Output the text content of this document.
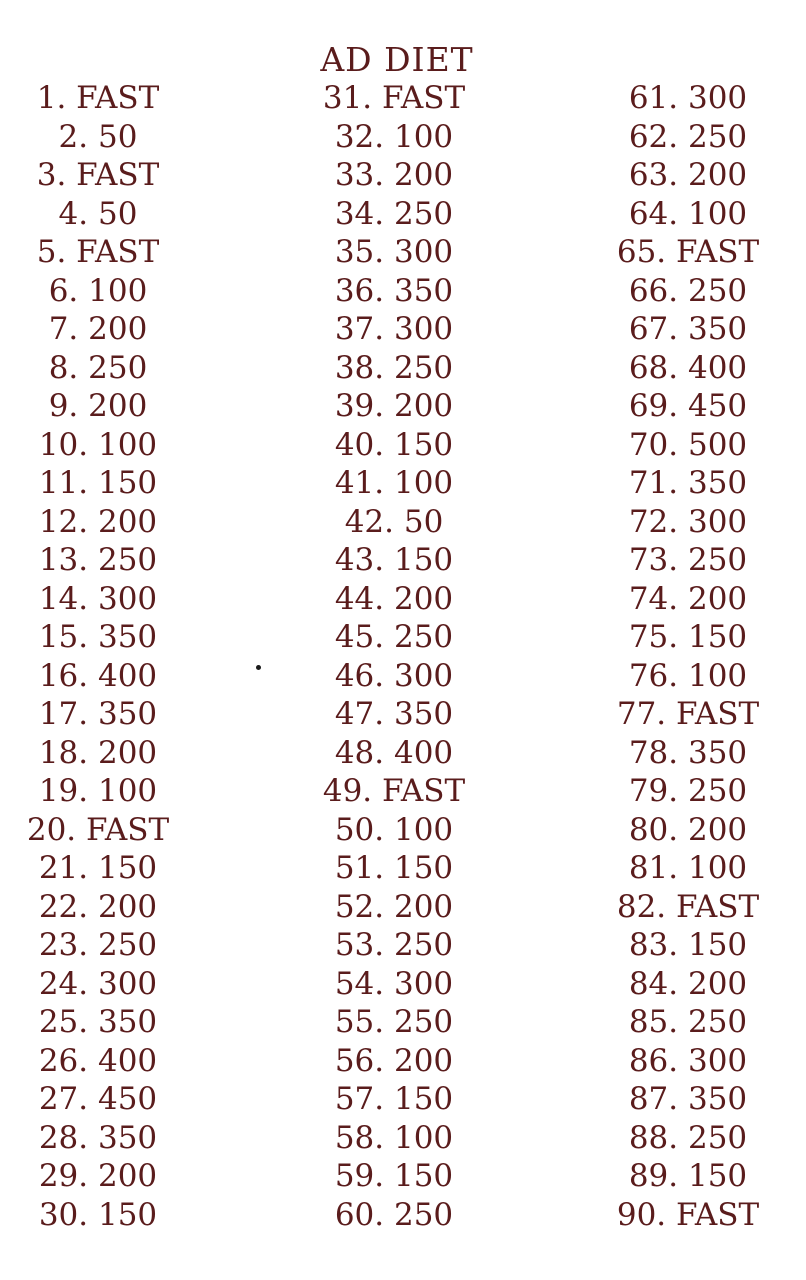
AD DIET
1. FAST
2. 50
3. FAST
4. 50
5. FAST
6. 100
7. 200
8. 250
9. 200
10. 100
11. 150
12. 200
13. 250
14. 300
15. 350
16. 400
17. 350
18. 200
19. 100
20. FAST
21. 150
22. 200
23. 250
24. 300
25. 350
26. 400
27. 450
28. 350
29. 200
30. 150
31. FAST
32. 100
33. 200
34. 250
35. 300
36. 350
37. 300
38. 250
39. 200
40. 150
41. 100
42. 50
43. 150
44. 200
45. 250
46. 300
47. 350
48. 400
49. FAST
50. 100
51. 150
52. 200
53. 250
54. 300
55. 250
56. 200
57. 150
58. 100
59. 150
60. 250
61. 300
62. 250
63. 200
64. 100
65. FAST
66. 250
67. 350
68. 400
69. 450
70. 500
71. 350
72. 300
73. 250
74. 200
75. 150
76. 100
77. FAST
78. 350
79. 250
80. 200
81. 100
82. FAST
83. 150
84. 200
85. 250
86. 300
87. 350
88. 250
89. 150
90. FAST
